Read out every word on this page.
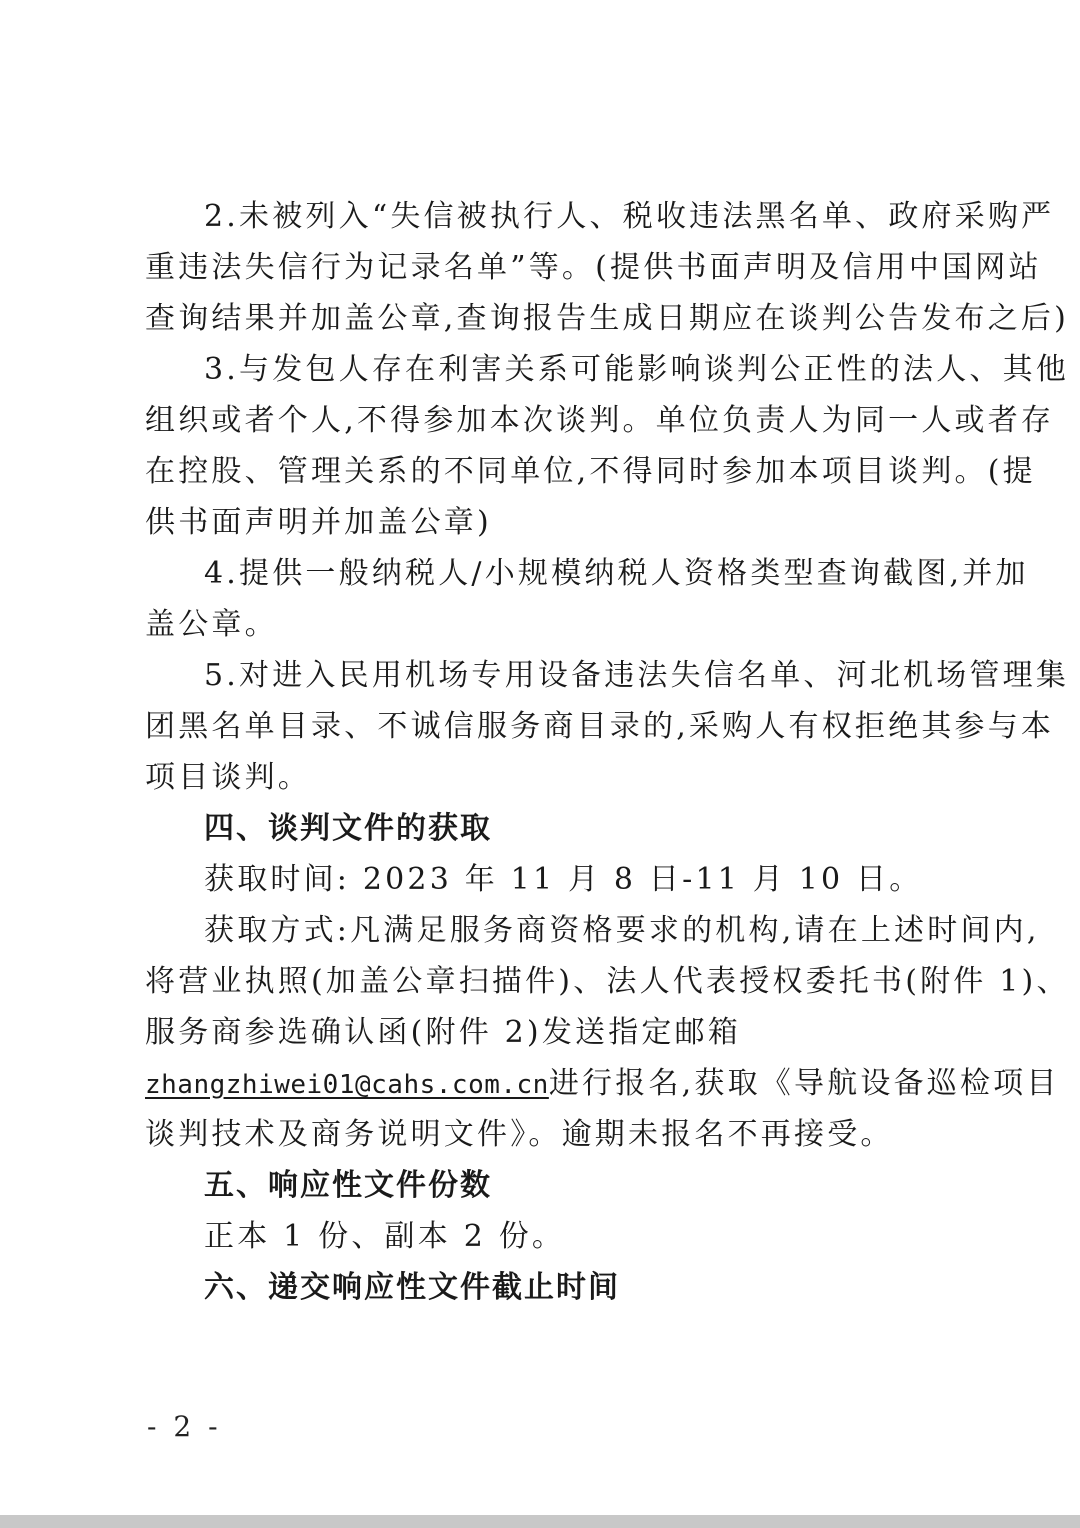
2.未被列入“失信被执行人、税收违法黑名单、政府采购严
重违法失信行为记录名单”等。(提供书面声明及信用中国网站
查询结果并加盖公章,查询报告生成日期应在谈判公告发布之后)
3.与发包人存在利害关系可能影响谈判公正性的法人、其他
组织或者个人,不得参加本次谈判。单位负责人为同一人或者存
在控股、管理关系的不同单位,不得同时参加本项目谈判。(提
供书面声明并加盖公章)
4.提供一般纳税人/小规模纳税人资格类型查询截图,并加
盖公章。
5.对进入民用机场专用设备违法失信名单、河北机场管理集
团黑名单目录、不诚信服务商目录的,采购人有权拒绝其参与本
项目谈判。
四、谈判文件的获取
获取时间: 2023 年 11 月 8 日-11 月 10 日。
获取方式:凡满足服务商资格要求的机构,请在上述时间内,
将营业执照(加盖公章扫描件)、法人代表授权委托书(附件 1)、
服务商参选确认函(附件 2)发送指定邮箱
zhangzhiwei01@cahs.com.cn进行报名,获取《导航设备巡检项目
谈判技术及商务说明文件》。逾期未报名不再接受。
五、响应性文件份数
正本 1 份、副本 2 份。
六、递交响应性文件截止时间
- 2 -
